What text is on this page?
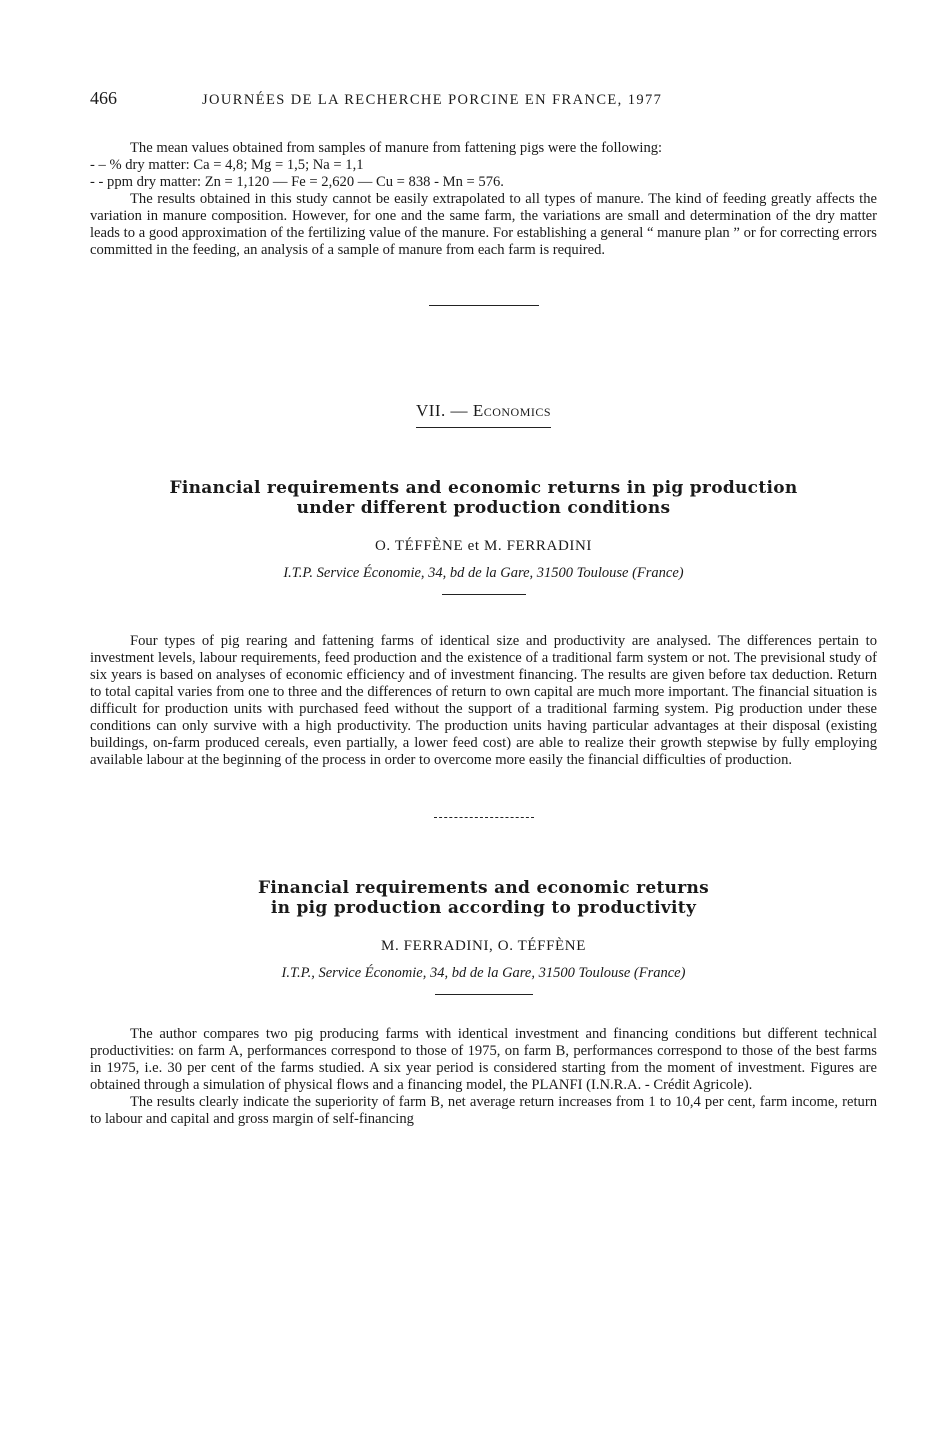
466	JOURNÉES DE LA RECHERCHE PORCINE EN FRANCE, 1977

The mean values obtained from samples of manure from fattening pigs were the following:

- – % dry matter: Ca = 4,8; Mg = 1,5; Na = 1,1

- - ppm dry matter: Zn = 1,120 — Fe = 2,620 — Cu = 838 - Mn = 576.

The results obtained in this study cannot be easily extrapolated to all types of manure. The kind of feeding greatly affects the variation in manure composition. However, for one and the same farm, the variations are small and determination of the dry matter leads to a good approximation of the fertilizing value of the manure. For establishing a general “ manure plan ” or for correcting errors committed in the feeding, an analysis of a sample of manure from each farm is required.

VII. — Economics
Financial requirements and economic returns in pig production
under different production conditions
O. TÉFFÈNE et M. FERRADINI
I.T.P. Service Économie, 34, bd de la Gare, 31500 Toulouse (France)

Four types of pig rearing and fattening farms of identical size and productivity are analysed. The differences pertain to investment levels, labour requirements, feed production and the existence of a traditional farm system or not. The previsional study of six years is based on analyses of economic efficiency and of investment financing. The results are given before tax deduction. Return to total capital varies from one to three and the differences of return to own capital are much more important. The financial situation is difficult for production units with purchased feed without the support of a traditional farming system. Pig production under these conditions can only survive with a high productivity. The production units having particular advantages at their disposal (existing buildings, on-farm produced cereals, even partially, a lower feed cost) are able to realize their growth stepwise by fully employing available labour at the beginning of the process in order to overcome more easily the financial difficulties of production.

Financial requirements and economic returns
in pig production according to productivity
M. FERRADINI, O. TÉFFÈNE
I.T.P., Service Économie, 34, bd de la Gare, 31500 Toulouse (France)

The author compares two pig producing farms with identical investment and financing conditions but different technical productivities: on farm A, performances correspond to those of 1975, on farm B, performances correspond to those of the best farms in 1975, i.e. 30 per cent of the farms studied. A six year period is considered starting from the moment of investment. Figures are obtained through a simulation of physical flows and a financing model, the PLANFI (I.N.R.A. - Crédit Agricole).

The results clearly indicate the superiority of farm B, net average return increases from 1 to 10,4 per cent, farm income, return to labour and capital and gross margin of self-financing
